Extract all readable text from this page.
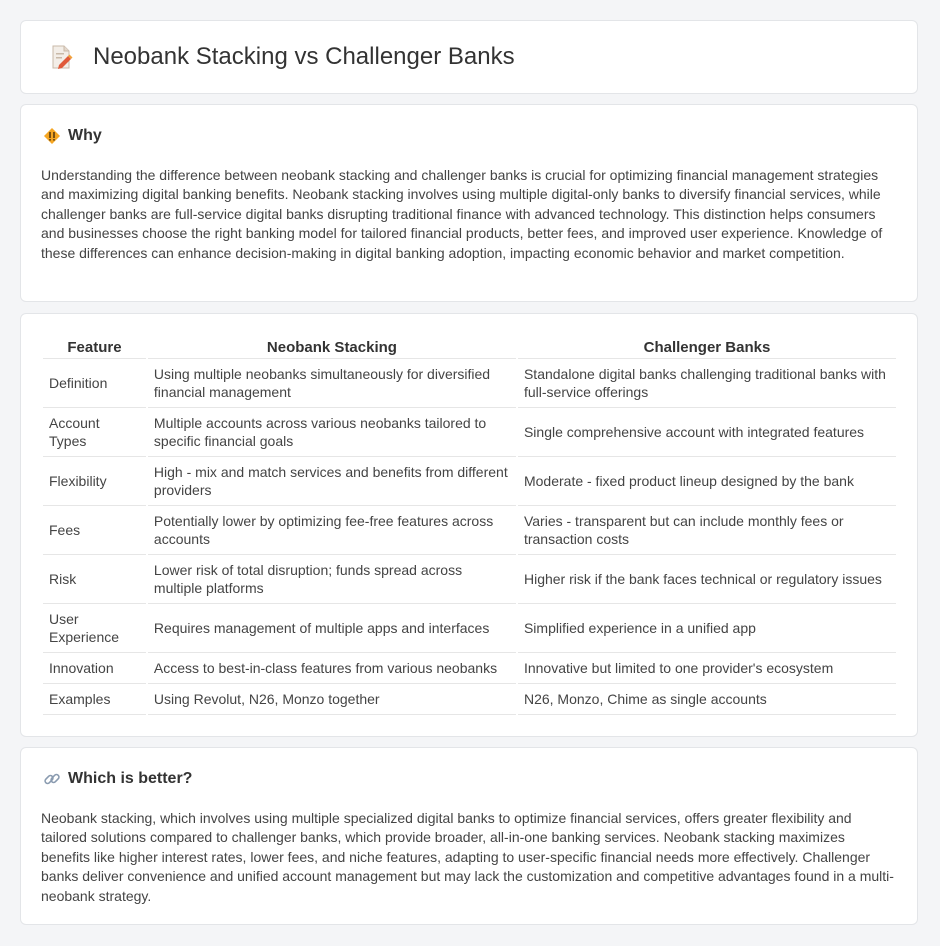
Neobank Stacking vs Challenger Banks
Why
Understanding the difference between neobank stacking and challenger banks is crucial for optimizing financial management strategies and maximizing digital banking benefits. Neobank stacking involves using multiple digital-only banks to diversify financial services, while challenger banks are full-service digital banks disrupting traditional finance with advanced technology. This distinction helps consumers and businesses choose the right banking model for tailored financial products, better fees, and improved user experience. Knowledge of these differences can enhance decision-making in digital banking adoption, impacting economic behavior and market competition.
Feature	Neobank Stacking	Challenger Banks
Definition	Using multiple neobanks simultaneously for diversified financial management	Standalone digital banks challenging traditional banks with full-service offerings
Account Types	Multiple accounts across various neobanks tailored to specific financial goals	Single comprehensive account with integrated features
Flexibility	High - mix and match services and benefits from different providers	Moderate - fixed product lineup designed by the bank
Fees	Potentially lower by optimizing fee-free features across accounts	Varies - transparent but can include monthly fees or transaction costs
Risk	Lower risk of total disruption; funds spread across multiple platforms	Higher risk if the bank faces technical or regulatory issues
User Experience	Requires management of multiple apps and interfaces	Simplified experience in a unified app
Innovation	Access to best-in-class features from various neobanks	Innovative but limited to one provider's ecosystem
Examples	Using Revolut, N26, Monzo together	N26, Monzo, Chime as single accounts
Which is better?
Neobank stacking, which involves using multiple specialized digital banks to optimize financial services, offers greater flexibility and tailored solutions compared to challenger banks, which provide broader, all-in-one banking services. Neobank stacking maximizes benefits like higher interest rates, lower fees, and niche features, adapting to user-specific financial needs more effectively. Challenger banks deliver convenience and unified account management but may lack the customization and competitive advantages found in a multi-neobank strategy.
